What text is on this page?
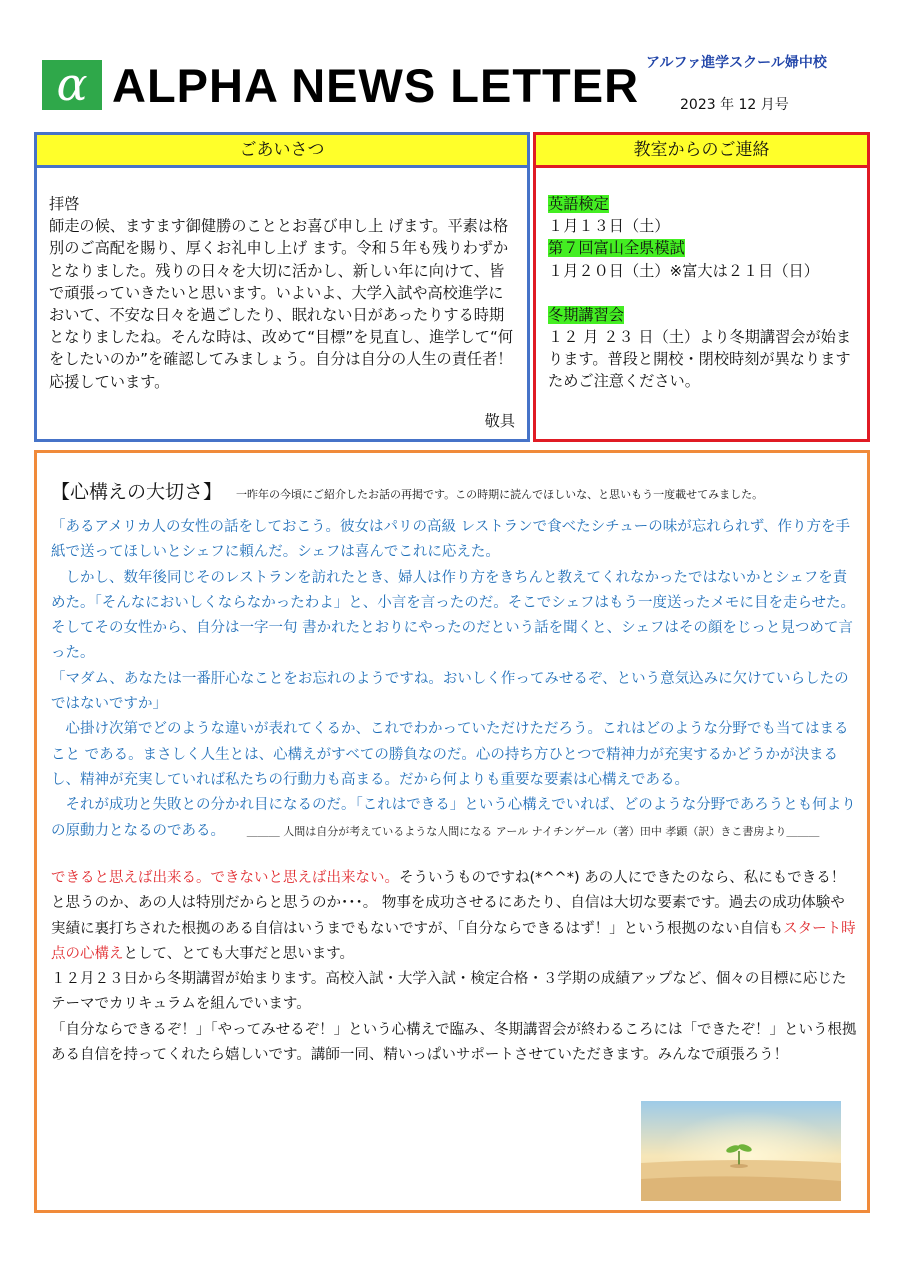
α ALPHA NEWS LETTER アルファ進学スクール婦中校
2023 年 12 月号
ごあいさつ

拝啓

師走の候、ますます御健勝のこととお喜び申し上 げます。平素は格別のご高配を賜り、厚くお礼申し上げ ます。令和５年も残りわずかとなりました。残りの日々を大切に活かし、新しい年に向けて、皆で頑張っていきたいと思います。いよいよ、大学入試や高校進学において、不安な日々を過ごしたり、眠れない日があったりする時期となりましたね。そんな時は、改めて“目標”を見直し、進学して“何をしたいのか”を確認してみましょう。自分は自分の人生の責任者！応援しています。

敬具
教室からのご連絡

英語検定

１月１３日（土）

第７回富山全県模試

１月２０日（土）※富大は２１日（日）

冬期講習会

１２ 月 ２３ 日（土）より冬期講習会が始まります。普段と開校・閉校時刻が異なりますためご注意ください。

【心構えの大切さ】 一昨年の今頃にご紹介したお話の再掲です。この時期に読んでほしいな、と思いもう一度載せてみました。

「あるアメリカ人の女性の話をしておこう。彼女はパリの高級 レストランで食べたシチューの味が忘れられず、作り方を手紙で送ってほしいとシェフに頼んだ。シェフは喜んでこれに応えた。

　しかし、数年後同じそのレストランを訪れたとき、婦人は作り方をきちんと教えてくれなかったではないかとシェフを責めた。「そんなにおいしくならなかったわよ」と、小言を言ったのだ。そこでシェフはもう一度送ったメモに目を走らせた。そしてその女性から、自分は一字一句 書かれたとおりにやったのだという話を聞くと、シェフはその顔をじっと見つめて言った。

「マダム、あなたは一番肝心なことをお忘れのようですね。おいしく作ってみせるぞ、という意気込みに欠けていらしたのではないですか」

　心掛け次第でどのような違いが表れてくるか、これでわかっていただけただろう。これはどのような分野でも当てはまること である。まさしく人生とは、心構えがすべての勝負なのだ。心の持ち方ひとつで精神力が充実するかどうかが決まるし、精神が充実していれば私たちの行動力も高まる。だから何よりも重要な要素は心構えである。

　それが成功と失敗との分かれ目になるのだ。「これはできる」という心構えでいれば、どのような分野であろうとも何よりの原動力となるのである。　　	＿＿＿ 人間は自分が考えているような人間になる アール ナイチンゲール（著）田中 孝顕（訳）きこ書房より＿＿＿

できると思えば出来る。できないと思えば出来ない。そういうものですね(*^^*) あの人にできたのなら、私にもできる！と思うのか、あの人は特別だからと思うのか･･･。 物事を成功させるにあたり、自信は大切な要素です。過去の成功体験や実績に裏打ちされた根拠のある自信はいうまでもないですが、「自分ならできるはず！」という根拠のない自信もスタート時点の心構えとして、とても大事だと思います。

１２月２３日から冬期講習が始まります。高校入試・大学入試・検定合格・３学期の成績アップなど、個々の目標に応じたテーマでカリキュラムを組んでいます。

「自分ならできるぞ！」「やってみせるぞ！」という心構えで臨み、冬期講習会が終わるころには「できたぞ！」という根拠ある自信を持ってくれたら嬉しいです。講師一同、精いっぱいサポートさせていただきます。みんなで頑張ろう！
